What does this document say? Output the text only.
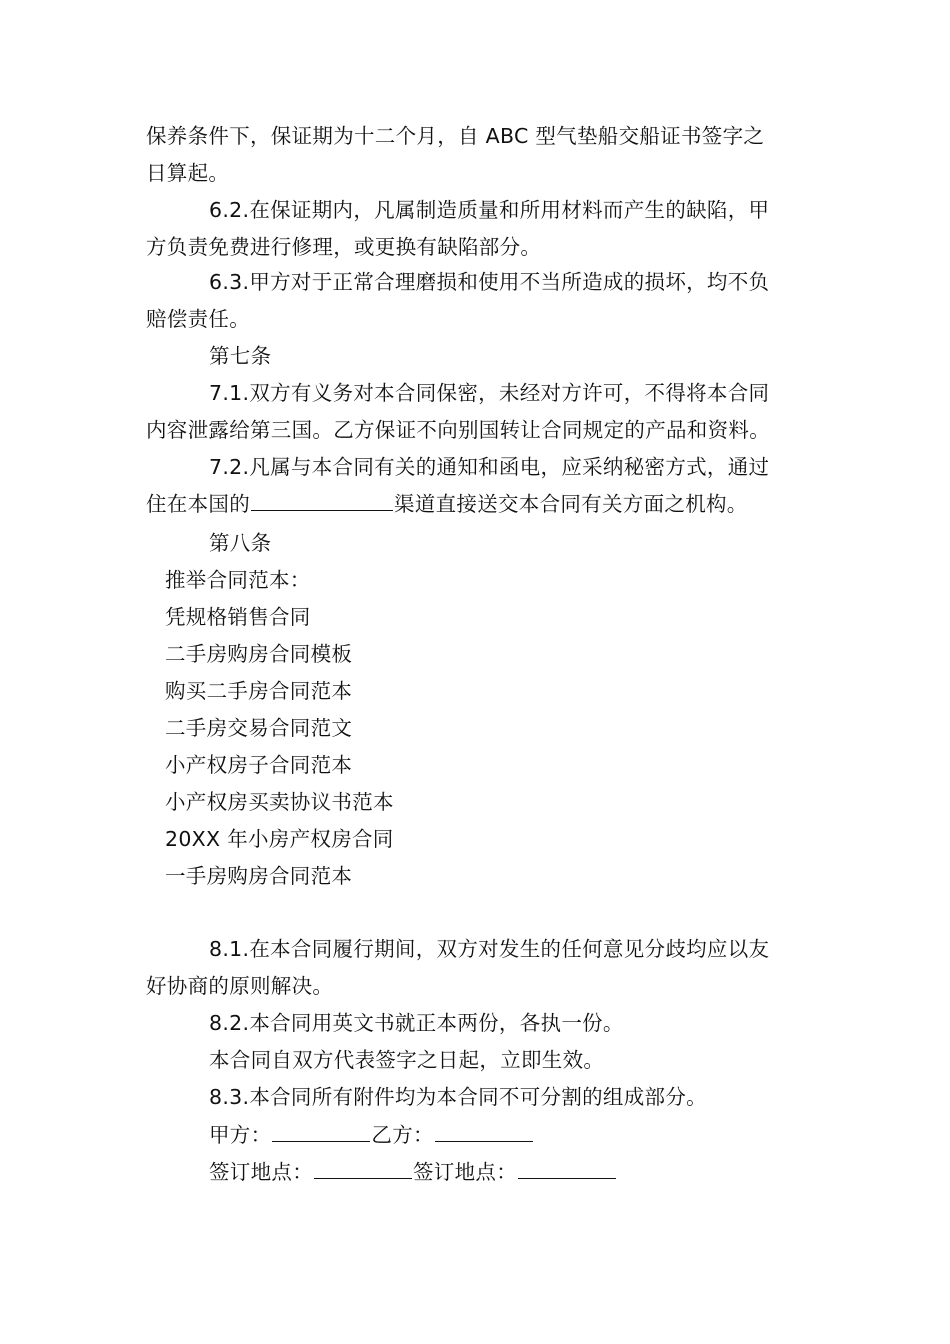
保养条件下，保证期为十二个月，自 ABC 型气垫船交船证书签字之
日算起。
6.2.在保证期内，凡属制造质量和所用材料而产生的缺陷，甲
方负责免费进行修理，或更换有缺陷部分。
6.3.甲方对于正常合理磨损和使用不当所造成的损坏，均不负
赔偿责任。
第七条
7.1.双方有义务对本合同保密，未经对方许可，不得将本合同
内容泄露给第三国。乙方保证不向别国转让合同规定的产品和资料。
7.2.凡属与本合同有关的通知和函电，应采纳秘密方式，通过
住在本国的	渠道直接送交本合同有关方面之机构。
第八条
推举合同范本：
凭规格销售合同
二手房购房合同模板
购买二手房合同范本
二手房交易合同范文
小产权房子合同范本
小产权房买卖协议书范本
20XX 年小房产权房合同
一手房购房合同范本
8.1.在本合同履行期间，双方对发生的任何意见分歧均应以友
好协商的原则解决。
8.2.本合同用英文书就正本两份，各执一份。
本合同自双方代表签字之日起，立即生效。
8.3.本合同所有附件均为本合同不可分割的组成部分。
甲方：	乙方：
签订地点：	签订地点：
